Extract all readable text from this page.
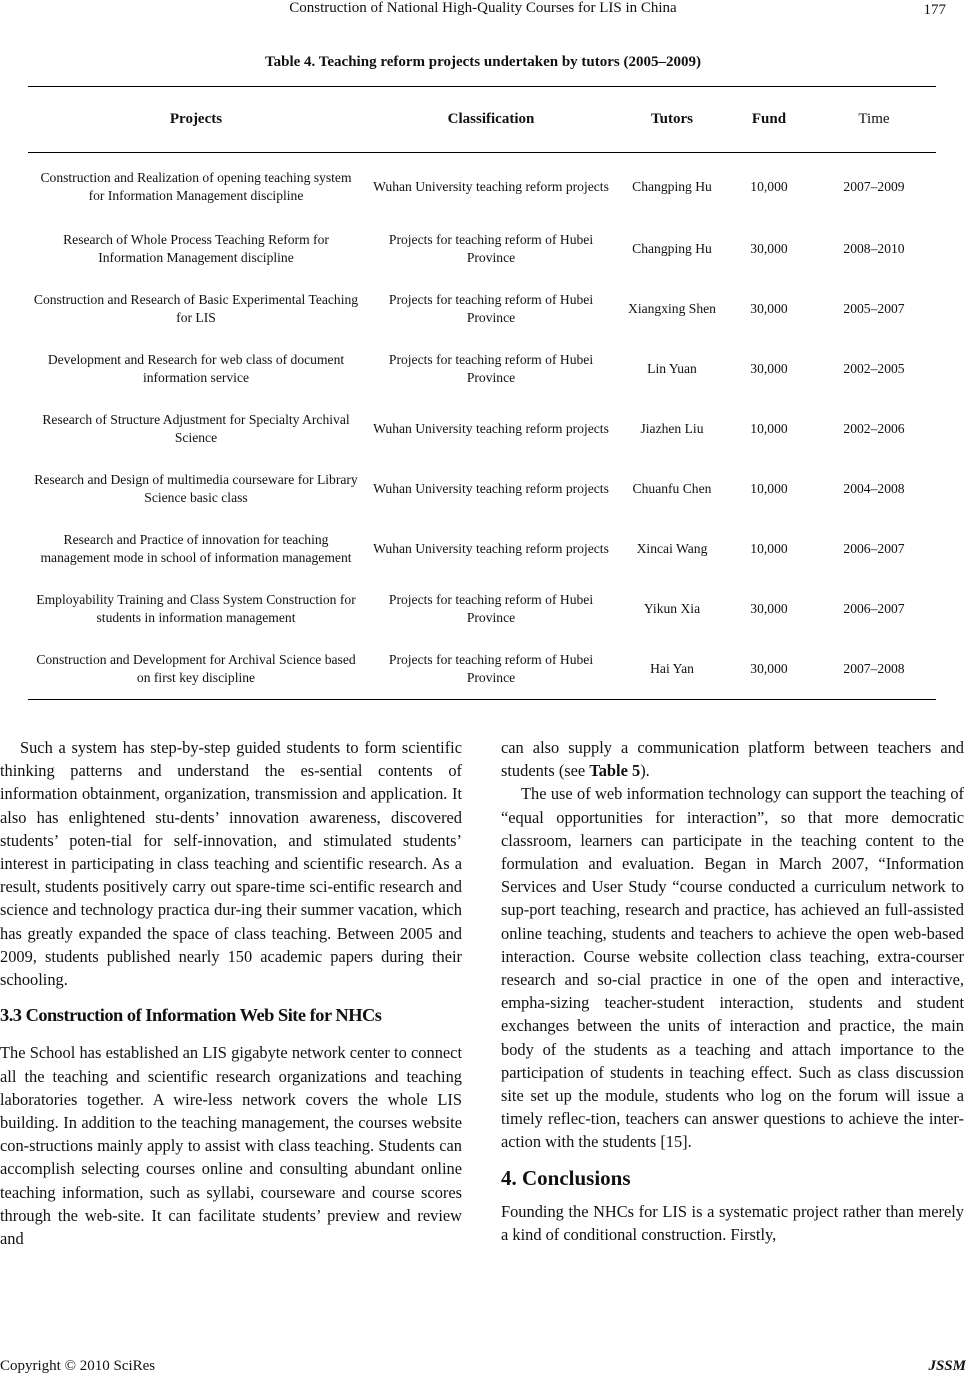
Construction of National High-Quality Courses for LIS in China	177
Table 4. Teaching reform projects undertaken by tutors (2005–2009)
Projects	Classification	Tutors	Fund	Time
Construction and Realization of opening teaching system for Information Management discipline	Wuhan University teaching reform projects	Changping Hu	10,000	2007–2009
Research of Whole Process Teaching Reform for Information Management discipline	Projects for teaching reform of Hubei Province	Changping Hu	30,000	2008–2010
Construction and Research of Basic Experimental Teaching for LIS	Projects for teaching reform of Hubei Province	Xiangxing Shen	30,000	2005–2007
Development and Research for web class of document information service	Projects for teaching reform of Hubei Province	Lin Yuan	30,000	2002–2005
Research of Structure Adjustment for Specialty Archival Science	Wuhan University teaching reform projects	Jiazhen Liu	10,000	2002–2006
Research and Design of multimedia courseware for Library Science basic class	Wuhan University teaching reform projects	Chuanfu Chen	10,000	2004–2008
Research and Practice of innovation for teaching management mode in school of information management	Wuhan University teaching reform projects	Xincai Wang	10,000	2006–2007
Employability Training and Class System Construction for students in information management	Projects for teaching reform of Hubei Province	Yikun Xia	30,000	2006–2007
Construction and Development for Archival Science based on first key discipline	Projects for teaching reform of Hubei Province	Hai Yan	30,000	2007–2008

Such a system has step-by-step guided students to form scientific thinking patterns and understand the es-sential contents of information obtainment, organization, transmission and application. It also has enlightened stu-dents’ innovation awareness, discovered students’ poten-tial for self-innovation, and stimulated students’ interest in participating in class teaching and scientific research. As a result, students positively carry out spare-time sci-entific research and science and technology practica dur-ing their summer vacation, which has greatly expanded the space of class teaching. Between 2005 and 2009, students published nearly 150 academic papers during their schooling.

3.3 Construction of Information Web Site for NHCs

The School has established an LIS gigabyte network center to connect all the teaching and scientific research organizations and teaching laboratories together. A wire-less network covers the whole LIS building. In addition to the teaching management, the courses website con-structions mainly apply to assist with class teaching. Students can accomplish selecting courses online and consulting abundant online teaching information, such as syllabi, courseware and course scores through the web-site. It can facilitate students’ preview and review and

can also supply a communication platform between teachers and students (see Table 5).

The use of web information technology can support the teaching of “equal opportunities for interaction”, so that more democratic classroom, learners can participate in the teaching content to the formulation and evaluation. Began in March 2007, “Information Services and User Study “course conducted a curriculum network to sup-port teaching, research and practice, has achieved an full-assisted online teaching, students and teachers to achieve the open web-based interaction. Course website collection class teaching, extra-courser research and so-cial practice in one of the open and interactive, empha-sizing teacher-student interaction, students and student exchanges between the units of interaction and practice, the main body of the students as a teaching and attach importance to the participation of students in teaching effect. Such as class discussion site set up the module, students who log on the forum will issue a timely reflec-tion, teachers can answer questions to achieve the inter-action with the students [15].

4. Conclusions

Founding the NHCs for LIS is a systematic project rather than merely a kind of conditional construction. Firstly,

Copyright © 2010 SciRes	JSSM
